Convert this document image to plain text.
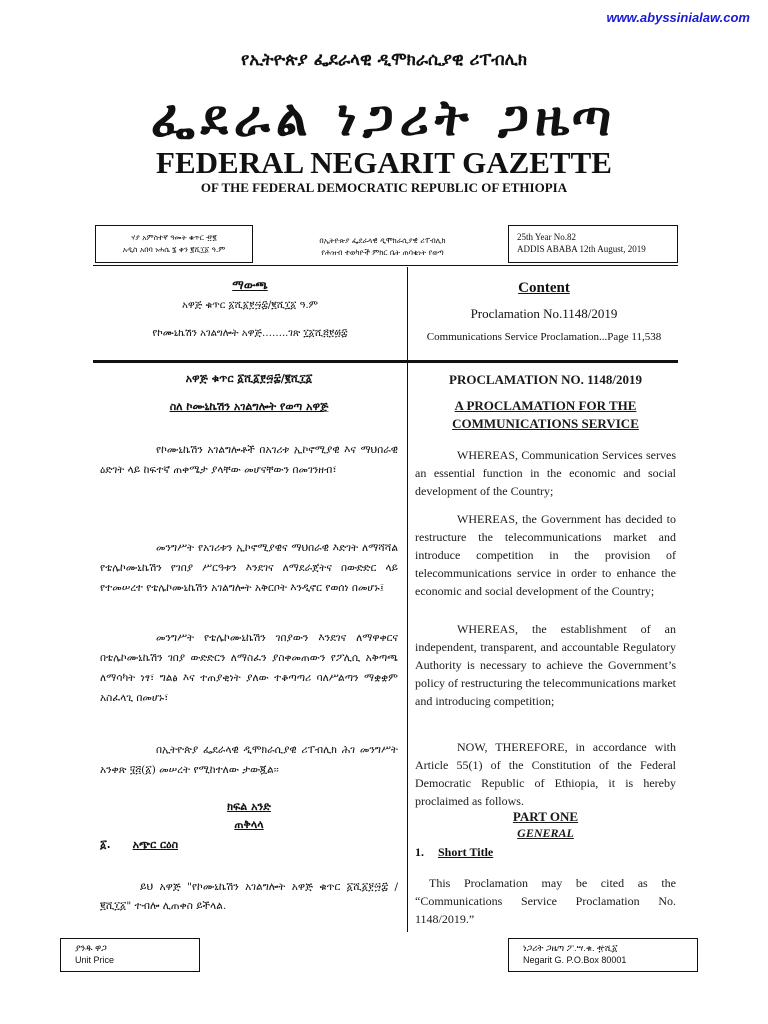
www.abyssinialaw.com
የኢትዮጵያ ፌደራላዊ ዲሞክራሲያዊ ሪፐብሊክ
ፌደራል ነጋሪት ጋዜጣ
FEDERAL NEGARIT GAZETTE
OF THE FEDERAL DEMOCRATIC REPUBLIC OF ETHIOPIA
ሃያ አምስተኛ ዓመት ቁጥር ፹፪
አዲስ አበባ ነሐሴ ፮ ቀን ፪ሺ፲፩ ዓ.ም
በኢትዮጵያ ፌደራላዊ ዲሞክራሲያዊ ሪፐብሊክ
የሕዝብ ተወካዮች ምክር ቤት ጠባቂነት የወጣ
25th Year No.82
ADDIS ABABA 12th August, 2019
ማውጫ
አዋጅ ቁጥር ፩ሺ፩፻፵፰/፪ሺ፲፩ ዓ.ም
የኮሙኒኬሽን አገልግሎት አዋጅ……..ገጽ ፲፩ሺ፭፻፴፰
Content
Proclamation No.1148/2019
Communications Service Proclamation...Page 11,538
አዋጅ ቁጥር ፩ሺ፩፻፵፰/፪ሺ፲፩
ስለ ኮሙኒኬሽን አገልግሎት የወጣ አዋጅ
የኮሙኒኬሽን አገልግሎቶች በአገሪቱ ኢኮኖሚያዊ እና ማህበራዊ ዕድገት ላይ ከፍተኛ ጠቀሜታ ያላቸው መሆናቸውን በመገንዘብ፣
መንግሥት የአገሪቱን ኢኮኖሚያዊና ማህበራዊ እድገት ለማሻሻል የቴሌኮሙኒኬሽን የገበያ ሥርዓቱን እንደገና ለማደራጀትና በውድድር ላይ የተመሠረተ የቴሌኮሙኒኬሽን አገልግሎት አቅርቦት እንዲኖር የወሰነ በመሆኑ፤
መንግሥት የቴሌኮሙኒኬሽን ገበያውን እንደገና ለማዋቀርና በቴሌኮሙኒኬሽን ገበያ ውድድርን ለማስፈን ያስቀመጠውን የፖሊሲ አቅጣጫ ለማሳካት ነፃ፣ ግልፅ እና ተጠያቂነት ያለው ተቆጣጣሪ ባለሥልጣን ማቋቋም አስፈላጊ በመሆኑ፣
በኢትዮጵያ ፌደራላዊ ዲሞክራሲያዊ ሪፐብሊክ ሕገ መንግሥት አንቀጽ ፶፭(፩) መሠረት የሚከተለው ታውጇል፡፡
ክፍል አንድ
ጠቅላላ
፩. አጭር ርዕስ
ይህ አዋጅ "የኮሙኒኬሽን አገልግሎት አዋጅ ቁጥር ፩ሺ፩፻፵፰ / ፪ሺ፲፩" ተብሎ ሊጠቀስ ይችላል.
PROCLAMATION NO. 1148/2019
A PROCLAMATION FOR THE
COMMUNICATIONS SERVICE
WHEREAS, Communication Services serves an essential function in the economic and social development of the Country;
WHEREAS, the Government has decided to restructure the telecommunications market and introduce competition in the provision of telecommunications service in order to enhance the economic and social development of the Country;
WHEREAS, the establishment of an independent, transparent, and accountable Regulatory Authority is necessary to achieve the Government’s policy of restructuring the telecommunications market and introducing competition;
NOW, THEREFORE, in accordance with Article 55(1) of the Constitution of the Federal Democratic Republic of Ethiopia, it is hereby proclaimed as follows.
PART ONE
GENERAL
1. Short Title
This Proclamation may be cited as the “Communications Service Proclamation No. 1148/2019.”
ያንዱ ዋጋ
Unit Price
ነጋሪት ጋዜጣ ፖ.ሣ.ቁ. ፹ሺ፩
Negarit G. P.O.Box 80001
